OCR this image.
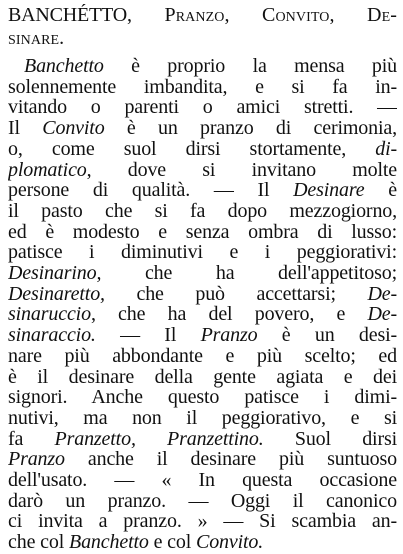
BANCHÉTTO, Pranzo, Convito, De-
sinare.
Banchetto è proprio la mensa più
solennemente imbandita, e si fa in-
vitando o parenti o amici stretti. —
Il Convito è un pranzo di cerimonia,
o, come suol dirsi stortamente, di-
plomatico, dove si invitano molte
persone di qualità. — Il Desinare è
il pasto che si fa dopo mezzogiorno,
ed è modesto e senza ombra di lusso:
patisce i diminutivi e i peggiorativi:
Desinarino, che ha dell'appetitoso;
Desinaretto, che può accettarsi; De-
sinaruccio, che ha del povero, e De-
sinaraccio. — Il Pranzo è un desi-
nare più abbondante e più scelto; ed
è il desinare della gente agiata e dei
signori. Anche questo patisce i dimi-
nutivi, ma non il peggiorativo, e si
fa Pranzetto, Pranzettino. Suol dirsi
Pranzo anche il desinare più suntuoso
dell'usato. — « In questa occasione
darò un pranzo. — Oggi il canonico
ci invita a pranzo. » — Si scambia an-
che col Banchetto e col Convito.
